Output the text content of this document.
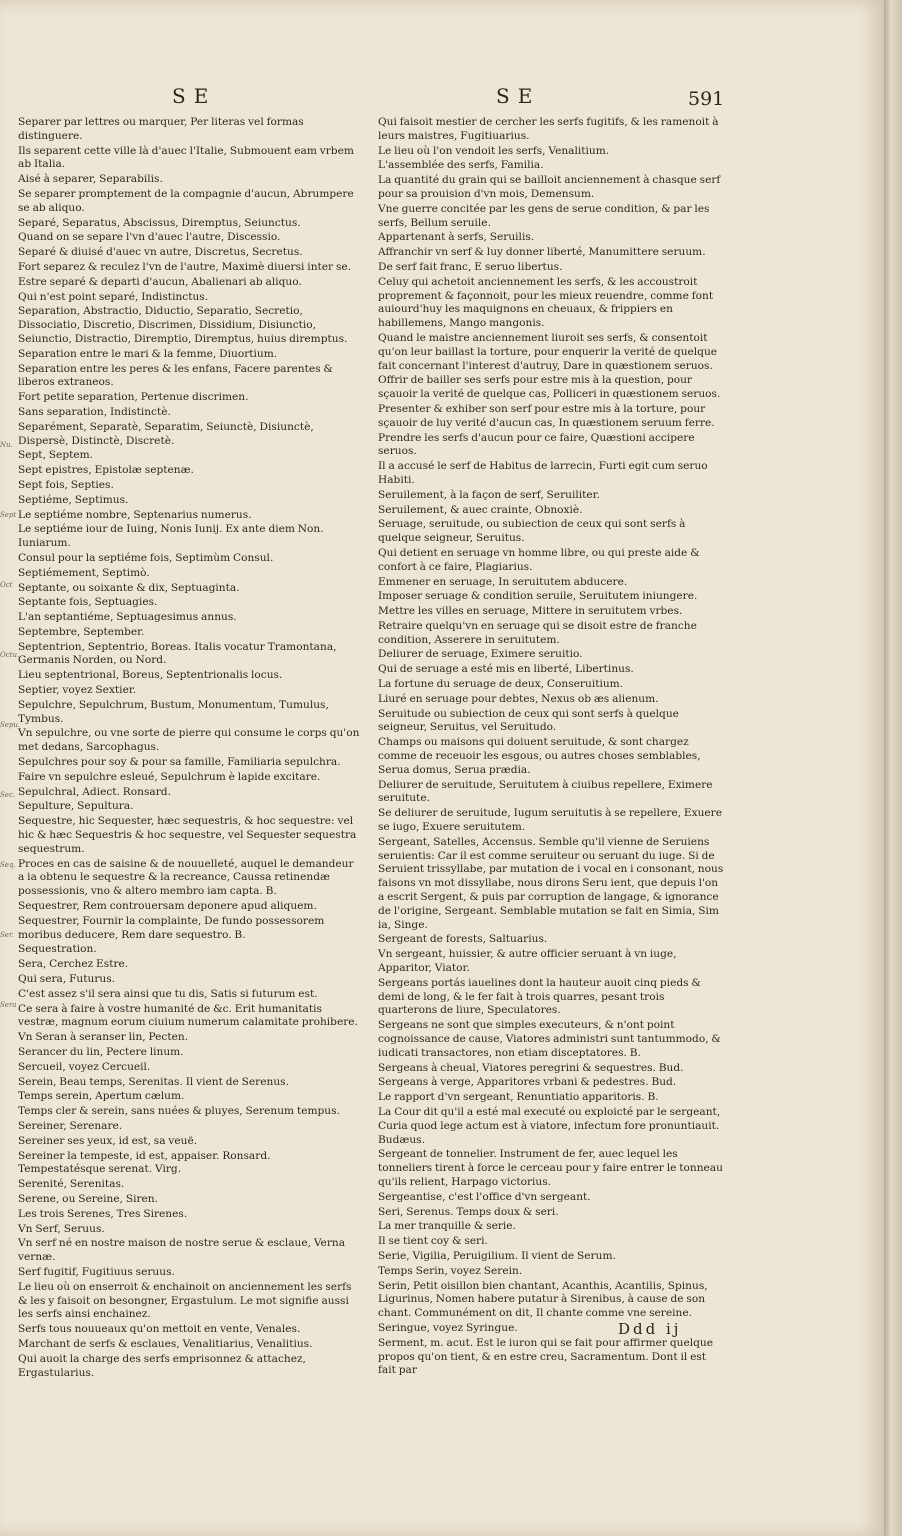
SE	SE	591
Nu.
Sept
Oct
Octu.
Sepu.
Sec.
Seq.
Ser.
Sera
Separer par lettres ou marquer, Per literas vel formas distinguere.
Ils separent cette ville là d'auec l'Italie, Submouent eam vrbem ab Italia.
Aisé à separer, Separabilis.
Se separer promptement de la compagnie d'aucun, Abrumpere se ab aliquo.
Separé, Separatus, Abscissus, Diremptus, Seiunctus.
Quand on se separe l'vn d'auec l'autre, Discessio.
Separé & diuisé d'auec vn autre, Discretus, Secretus.
Fort separez & reculez l'vn de l'autre, Maximè diuersi inter se.
Estre separé & departi d'aucun, Abalienari ab aliquo.
Qui n'est point separé, Indistinctus.
Separation, Abstractio, Diductio, Separatio, Secretio, Dissociatio, Discretio, Discrimen, Dissidium, Disiunctio, Seiunctio, Distractio, Diremptio, Diremptus, huius diremptus.
Separation entre le mari & la femme, Diuortium.
Separation entre les peres & les enfans, Facere parentes & liberos extraneos.
Fort petite separation, Pertenue discrimen.
Sans separation, Indistinctè.
Separément, Separatè, Separatim, Seiunctè, Disiunctè, Dispersè, Distinctè, Discretè.
Sept, Septem.
Sept epistres, Epistolæ septenæ.
Sept fois, Septies.
Septiéme, Septimus.
Le septiéme nombre, Septenarius numerus.
Le septiéme iour de Iuing, Nonis Iunij. Ex ante diem Non. Iuniarum.
Consul pour la septiéme fois, Septimùm Consul.
Septiémement, Septimò.
Septante, ou soixante & dix, Septuaginta.
Septante fois, Septuagies.
L'an septantiéme, Septuagesimus annus.
Septembre, September.
Septentrion, Septentrio, Boreas. Italis vocatur Tramontana, Germanis Norden, ou Nord.
Lieu septentrional, Boreus, Septentrionalis locus.
Septier, voyez Sextier.
Sepulchre, Sepulchrum, Bustum, Monumentum, Tumulus, Tymbus.
Vn sepulchre, ou vne sorte de pierre qui consume le corps qu'on met dedans, Sarcophagus.
Sepulchres pour soy & pour sa famille, Familiaria sepulchra.
Faire vn sepulchre esleué, Sepulchrum è lapide excitare.
Sepulchral, Adiect. Ronsard.
Sepulture, Sepultura.
Sequestre, hic Sequester, hæc sequestris, & hoc sequestre: vel hic & hæc Sequestris & hoc sequestre, vel Sequester sequestra sequestrum.
Proces en cas de saisine & de nouuelleté, auquel le demandeur a ia obtenu le sequestre & la recreance, Caussa retinendæ possessionis, vno & altero membro iam capta. B.
Sequestrer, Rem controuersam deponere apud aliquem.
Sequestrer, Fournir la complainte, De fundo possessorem moribus deducere, Rem dare sequestro. B.
Sequestration.
Sera, Cerchez Estre.
Qui sera, Futurus.
C'est assez s'il sera ainsi que tu dis, Satis si futurum est.
Ce sera à faire à vostre humanité de &c. Erit humanitatis vestræ, magnum eorum ciuium numerum calamitate prohibere.
Vn Seran à seranser lin, Pecten.
Serancer du lin, Pectere linum.
Sercueil, voyez Cercueil.
Serein, Beau temps, Serenitas. Il vient de Serenus.
Temps serein, Apertum cælum.
Temps cler & serein, sans nuées & pluyes, Serenum tempus.
Sereiner, Serenare.
Sereiner ses yeux, id est, sa veuë.
Sereiner la tempeste, id est, appaiser. Ronsard. Tempestatésque serenat. Virg.
Serenité, Serenitas.
Serene, ou Sereine, Siren.
Les trois Serenes, Tres Sirenes.
Vn Serf, Seruus.
Vn serf né en nostre maison de nostre serue & esclaue, Verna vernæ.
Serf fugitif, Fugitiuus seruus.
Le lieu où on enserroit & enchainoit on anciennement les serfs & les y faisoit on besongner, Ergastulum. Le mot signifie aussi les serfs ainsi enchainez.
Serfs tous nouueaux qu'on mettoit en vente, Venales.
Marchant de serfs & esclaues, Venalitiarius, Venalitius.
Qui auoit la charge des serfs emprisonnez & attachez, Ergastularius.
Qui faisoit mestier de cercher les serfs fugitifs, & les ramenoit à leurs maistres, Fugitiuarius.
Le lieu où l'on vendoit les serfs, Venalitium.
L'assemblée des serfs, Familia.
La quantité du grain qui se bailloit anciennement à chasque serf pour sa prouision d'vn mois, Demensum.
Vne guerre concitée par les gens de serue condition, & par les serfs, Bellum seruile.
Appartenant à serfs, Seruilis.
Affranchir vn serf & luy donner liberté, Manumittere seruum.
De serf fait franc, E seruo libertus.
Celuy qui achetoit anciennement les serfs, & les accoustroit proprement & façonnoit, pour les mieux reuendre, comme font auiourd'huy les maquignons en cheuaux, & frippiers en habillemens, Mango mangonis.
Quand le maistre anciennement liuroit ses serfs, & consentoit qu'on leur baillast la torture, pour enquerir la verité de quelque fait concernant l'interest d'autruy, Dare in quæstionem seruos.
Offrir de bailler ses serfs pour estre mis à la question, pour sçauoir la verité de quelque cas, Polliceri in quæstionem seruos.
Presenter & exhiber son serf pour estre mis à la torture, pour sçauoir de luy verité d'aucun cas, In quæstionem seruum ferre.
Prendre les serfs d'aucun pour ce faire, Quæstioni accipere seruos.
Il a accusé le serf de Habitus de larrecin, Furti egit cum seruo Habiti.
Seruilement, à la façon de serf, Seruiliter.
Seruilement, & auec crainte, Obnoxiè.
Seruage, seruitude, ou subiection de ceux qui sont serfs à quelque seigneur, Seruitus.
Qui detient en seruage vn homme libre, ou qui preste aide & confort à ce faire, Plagiarius.
Emmener en seruage, In seruitutem abducere.
Imposer seruage & condition seruile, Seruitutem iniungere.
Mettre les villes en seruage, Mittere in seruitutem vrbes.
Retraire quelqu'vn en seruage qui se disoit estre de franche condition, Asserere in seruitutem.
Deliurer de seruage, Eximere seruitio.
Qui de seruage a esté mis en liberté, Libertinus.
La fortune du seruage de deux, Conseruitium.
Liuré en seruage pour debtes, Nexus ob æs alienum.
Seruitude ou subiection de ceux qui sont serfs à quelque seigneur, Seruitus, vel Seruitudo.
Champs ou maisons qui doiuent seruitude, & sont chargez comme de receuoir les esgous, ou autres choses semblables, Serua domus, Serua prædia.
Deliurer de seruitude, Seruitutem à ciuibus repellere, Eximere seruitute.
Se deliurer de seruitude, Iugum seruitutis à se repellere, Exuere se iugo, Exuere seruitutem.
Sergeant, Satelles, Accensus. Semble qu'il vienne de Seruiens seruientis: Car il est comme seruiteur ou seruant du iuge. Si de Seruient trissyllabe, par mutation de i vocal en i consonant, nous faisons vn mot dissyllabe, nous dirons Seru ient, que depuis l'on a escrit Sergent, & puis par corruption de langage, & ignorance de l'origine, Sergeant. Semblable mutation se fait en Simia, Sim ia, Singe.
Sergeant de forests, Saltuarius.
Vn sergeant, huissier, & autre officier seruant à vn iuge, Apparitor, Viator.
Sergeans portás iauelines dont la hauteur auoit cinq pieds & demi de long, & le fer fait à trois quarres, pesant trois quarterons de liure, Speculatores.
Sergeans ne sont que simples executeurs, & n'ont point cognoissance de cause, Viatores administri sunt tantummodo, & iudicati transactores, non etiam disceptatores. B.
Sergeans à cheual, Viatores peregrini & sequestres. Bud.
Sergeans à verge, Apparitores vrbani & pedestres. Bud.
Le rapport d'vn sergeant, Renuntiatio apparitoris. B.
La Cour dit qu'il a esté mal executé ou exploicté par le sergeant, Curia quod lege actum est à viatore, infectum fore pronuntiauit. Budæus.
Sergeant de tonnelier. Instrument de fer, auec lequel les tonneliers tirent à force le cerceau pour y faire entrer le tonneau qu'ils relient, Harpago victorius.
Sergeantise, c'est l'office d'vn sergeant.
Seri, Serenus. Temps doux & seri.
La mer tranquille & serie.
Il se tient coy & seri.
Serie, Vigilia, Peruigilium. Il vient de Serum.
Temps Serin, voyez Serein.
Serin, Petit oisillon bien chantant, Acanthis, Acantilis, Spinus, Ligurinus, Nomen habere putatur à Sirenibus, à cause de son chant. Communément on dit, Il chante comme vne sereine.
Seringue, voyez Syringue.
Serment, m. acut. Est le iuron qui se fait pour affirmer quelque propos qu'on tient, & en estre creu, Sacramentum. Dont il est fait par
Ddd ij
